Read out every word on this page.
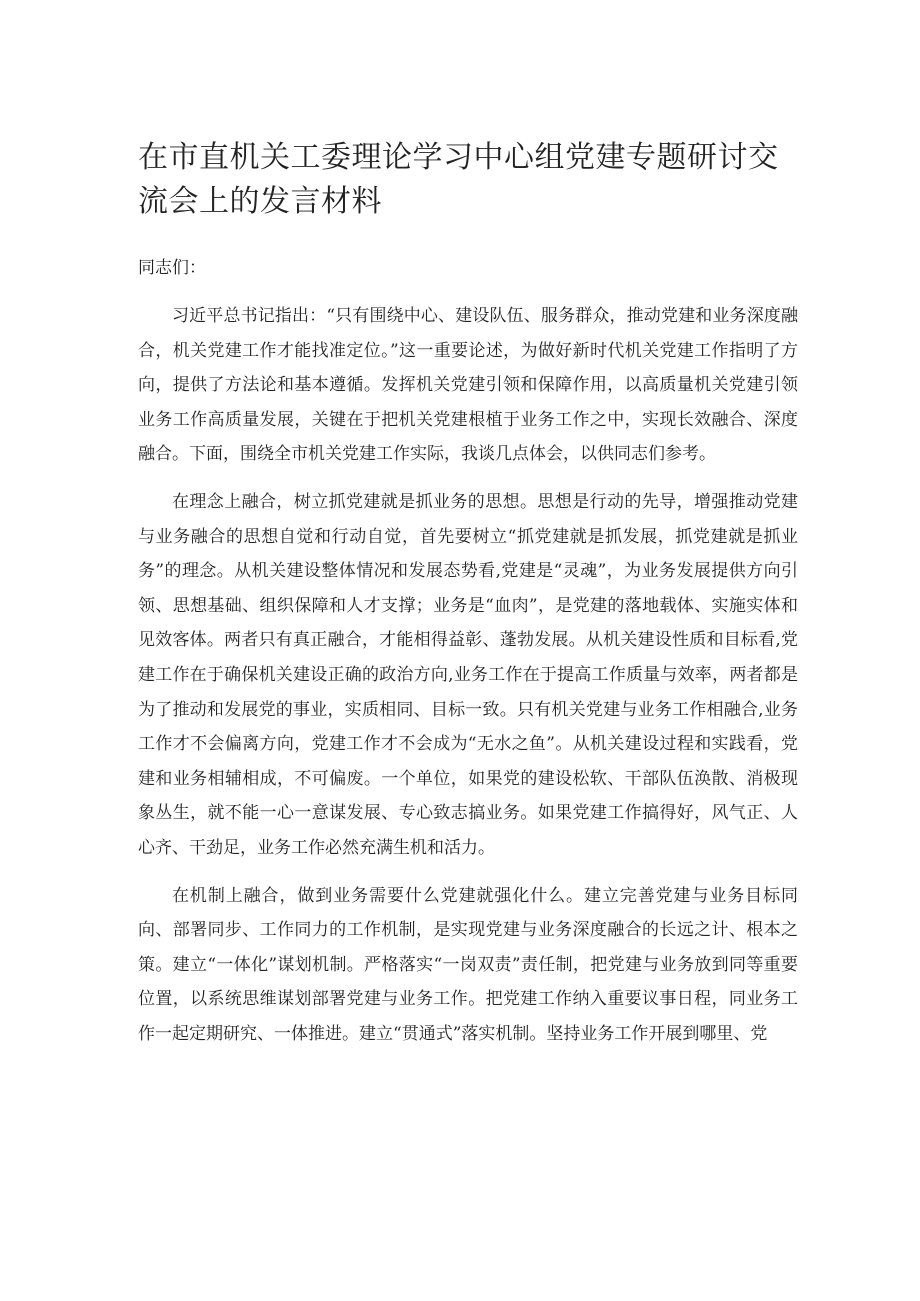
在市直机关工委理论学习中心组党建专题研讨交流会上的发言材料

同志们：

习近平总书记指出：“只有围绕中心、建设队伍、服务群众，推动党建和业务深度融合，机关党建工作才能找准定位。”这一重要论述，为做好新时代机关党建工作指明了方向，提供了方法论和基本遵循。发挥机关党建引领和保障作用，以高质量机关党建引领业务工作高质量发展，关键在于把机关党建根植于业务工作之中，实现长效融合、深度融合。下面，围绕全市机关党建工作实际，我谈几点体会，以供同志们参考。

在理念上融合，树立抓党建就是抓业务的思想。思想是行动的先导，增强推动党建与业务融合的思想自觉和行动自觉，首先要树立“抓党建就是抓发展，抓党建就是抓业务”的理念。从机关建设整体情况和发展态势看,党建是“灵魂”，为业务发展提供方向引领、思想基础、组织保障和人才支撑；业务是“血肉”，是党建的落地载体、实施实体和见效客体。两者只有真正融合，才能相得益彰、蓬勃发展。从机关建设性质和目标看,党建工作在于确保机关建设正确的政治方向,业务工作在于提高工作质量与效率，两者都是为了推动和发展党的事业，实质相同、目标一致。只有机关党建与业务工作相融合,业务工作才不会偏离方向，党建工作才不会成为“无水之鱼”。从机关建设过程和实践看，党建和业务相辅相成，不可偏废。一个单位，如果党的建设松软、干部队伍涣散、消极现象丛生，就不能一心一意谋发展、专心致志搞业务。如果党建工作搞得好，风气正、人心齐、干劲足，业务工作必然充满生机和活力。

在机制上融合，做到业务需要什么党建就强化什么。建立完善党建与业务目标同向、部署同步、工作同力的工作机制，是实现党建与业务深度融合的长远之计、根本之策。建立“一体化”谋划机制。严格落实“一岗双责”责任制，把党建与业务放到同等重要位置，以系统思维谋划部署党建与业务工作。把党建工作纳入重要议事日程，同业务工作一起定期研究、一体推进。建立“贯通式”落实机制。坚持业务工作开展到哪里、党
